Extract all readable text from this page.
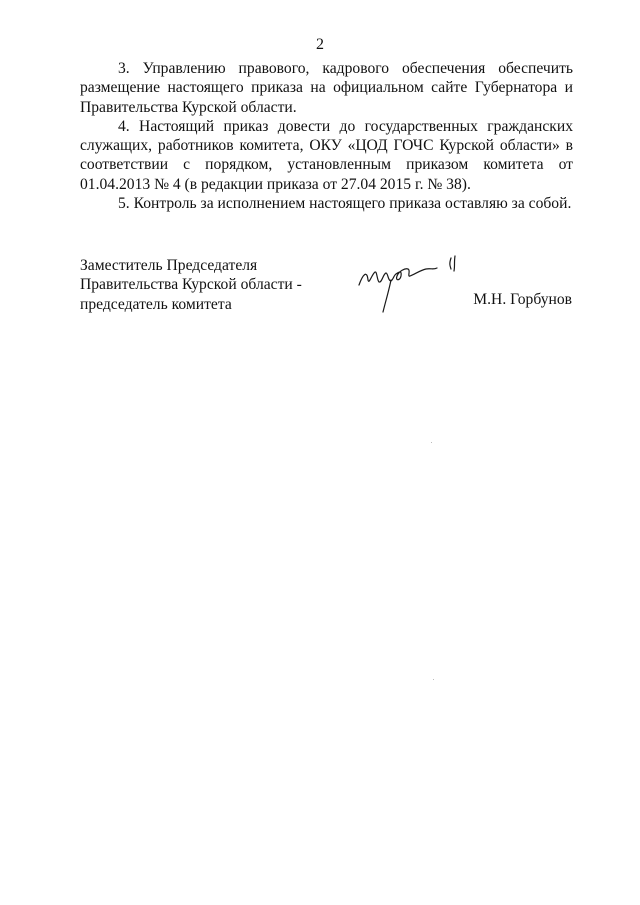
2

3. Управлению правового, кадрового обеспечения обеспечить размещение настоящего приказа на официальном сайте Губернатора и Правительства Курской области.

4. Настоящий приказ довести до государственных гражданских служащих, работников комитета, ОКУ «ЦОД ГОЧС Курской области» в соответствии с порядком, установленным приказом комитета от 01.04.2013 № 4 (в редакции приказа от 27.04 2015 г. № 38).

5. Контроль за исполнением настоящего приказа оставляю за собой.

Заместитель Председателя
Правительства Курской области -
председатель комитета	М.Н. Горбунов
